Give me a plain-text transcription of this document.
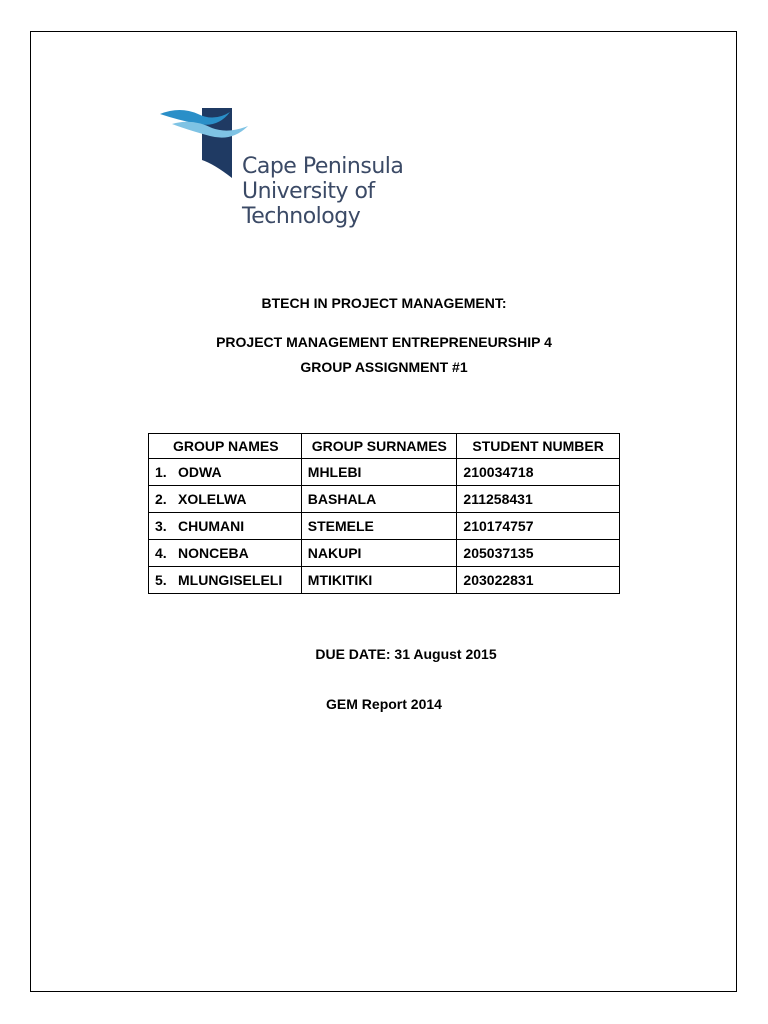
Cape Peninsula
University of Technology
BTECH IN PROJECT MANAGEMENT:
PROJECT MANAGEMENT ENTREPRENEURSHIP 4
GROUP ASSIGNMENT #1
GROUP NAMES	GROUP SURNAMES	STUDENT NUMBER
1. ODWA	MHLEBI	210034718
2. XOLELWA	BASHALA	211258431
3. CHUMANI	STEMELE	210174757
4. NONCEBA	NAKUPI	205037135
5. MLUNGISELELI	MTIKITIKI	203022831
DUE DATE: 31 August 2015
GEM Report 2014
